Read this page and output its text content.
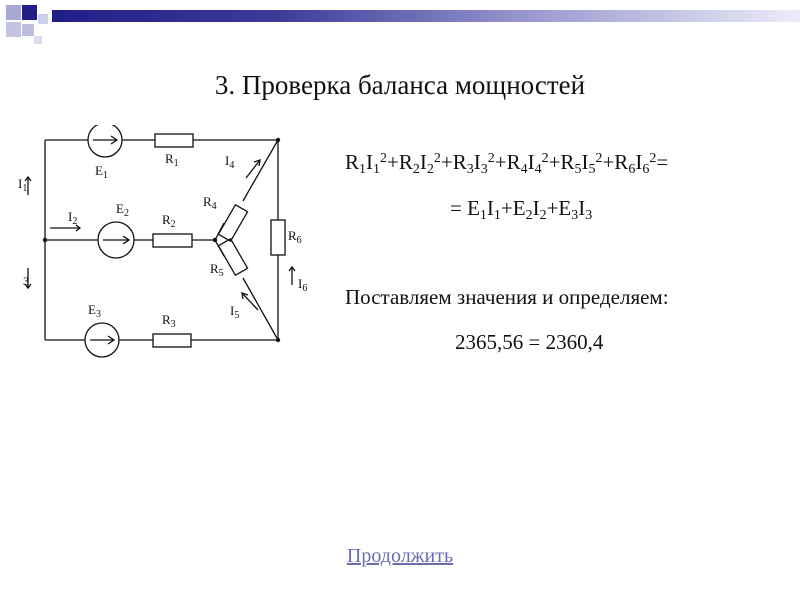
3. Проверка баланса мощностей
$E_1$
$R_1$
$I_1$
$I_2$
$E_2$	$R_2$
3
$E_3$	$R_3$
$I_4$
$R_4$
$R_5$
$I_5$
$R_6$
$I_6$
$R_1I_1^2+R_2I_2^2+R_3I_3^2+R_4I_4^2+R_5I_5^2+R_6I_6^2=$
= $E_1I_1+E_2I_2+E_3I_3$
Поставляем значения и определяем:
2365,56 = 2360,4
Продолжить
